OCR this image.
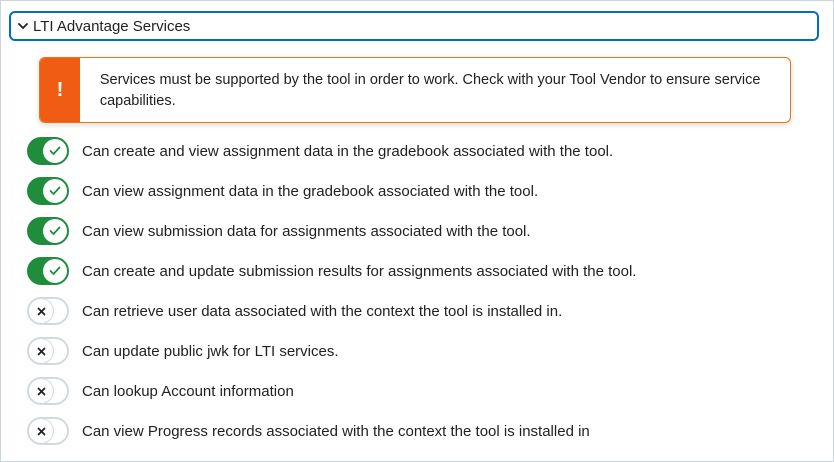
LTI Advantage Services
!	Services must be supported by the tool in order to work. Check with your Tool Vendor to ensure service capabilities.
Can create and view assignment data in the gradebook associated with the tool.
Can view assignment data in the gradebook associated with the tool.
Can view submission data for assignments associated with the tool.
Can create and update submission results for assignments associated with the tool.
Can retrieve user data associated with the context the tool is installed in.
Can update public jwk for LTI services.
Can lookup Account information
Can view Progress records associated with the context the tool is installed in
